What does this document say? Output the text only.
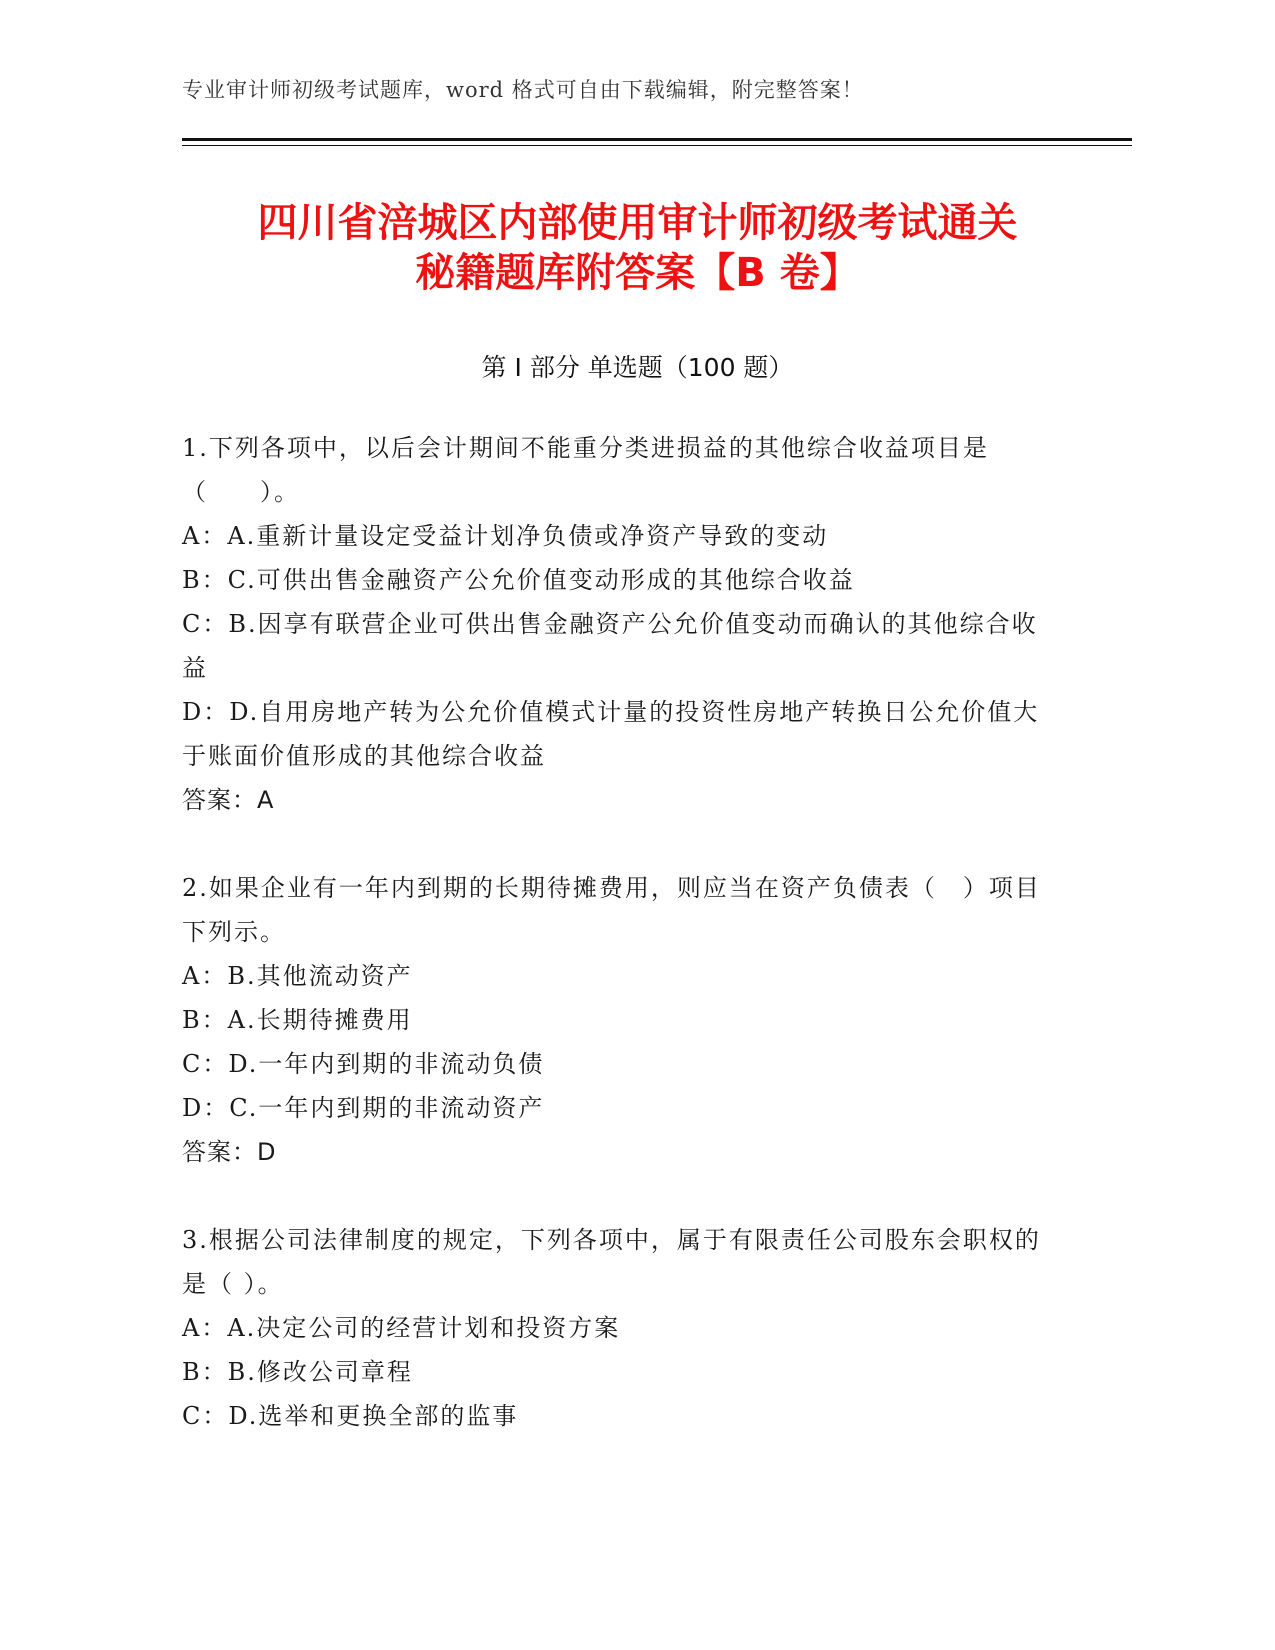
专业审计师初级考试题库，word 格式可自由下载编辑，附完整答案！
四川省涪城区内部使用审计师初级考试通关
秘籍题库附答案【B 卷】
第 I 部分 单选题（100 题）

1.下列各项中，以后会计期间不能重分类进损益的其他综合收益项目是（　　）。

A：A.重新计量设定受益计划净负债或净资产导致的变动

B：C.可供出售金融资产公允价值变动形成的其他综合收益

C：B.因享有联营企业可供出售金融资产公允价值变动而确认的其他综合收益

D：D.自用房地产转为公允价值模式计量的投资性房地产转换日公允价值大于账面价值形成的其他综合收益

答案：A

2.如果企业有一年内到期的长期待摊费用，则应当在资产负债表（　）项目下列示。

A：B.其他流动资产

B：A.长期待摊费用

C：D.一年内到期的非流动负债

D：C.一年内到期的非流动资产

答案：D

3.根据公司法律制度的规定，下列各项中，属于有限责任公司股东会职权的是（ ）。

A：A.决定公司的经营计划和投资方案

B：B.修改公司章程

C：D.选举和更换全部的监事
